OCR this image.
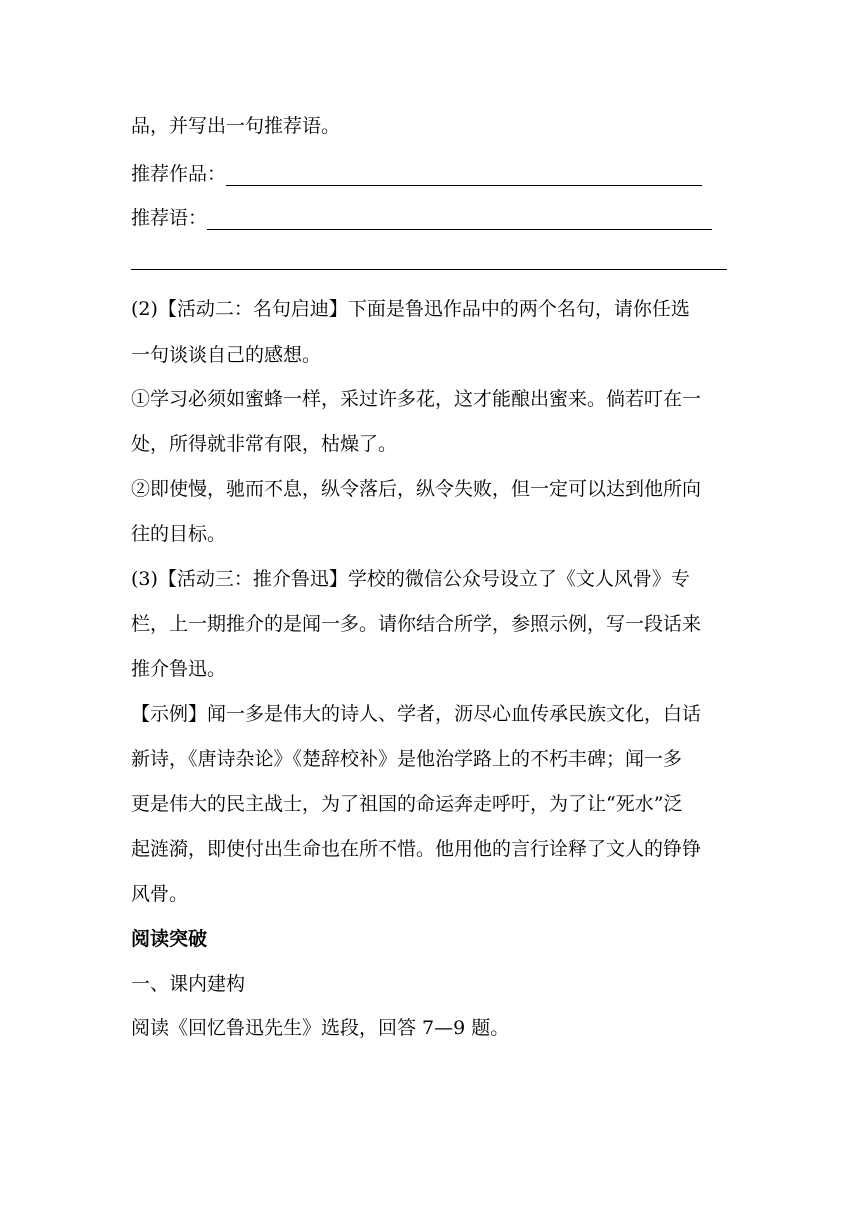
品，并写出一句推荐语。
推荐作品：
推荐语：
(2)【活动二：名句启迪】下面是鲁迅作品中的两个名句，请你任选
一句谈谈自己的感想。
①学习必须如蜜蜂一样，采过许多花，这才能酿出蜜来。倘若叮在一
处，所得就非常有限，枯燥了。
②即使慢，驰而不息，纵令落后，纵令失败，但一定可以达到他所向
往的目标。
(3)【活动三：推介鲁迅】学校的微信公众号设立了《文人风骨》专
栏，上一期推介的是闻一多。请你结合所学，参照示例，写一段话来
推介鲁迅。
【示例】闻一多是伟大的诗人、学者，沥尽心血传承民族文化，白话
新诗，《唐诗杂论》《楚辞校补》是他治学路上的不朽丰碑；闻一多
更是伟大的民主战士，为了祖国的命运奔走呼吁，为了让“死水”泛
起涟漪，即使付出生命也在所不惜。他用他的言行诠释了文人的铮铮
风骨。
阅读突破
一、课内建构
阅读《回忆鲁迅先生》选段，回答 7—9 题。
